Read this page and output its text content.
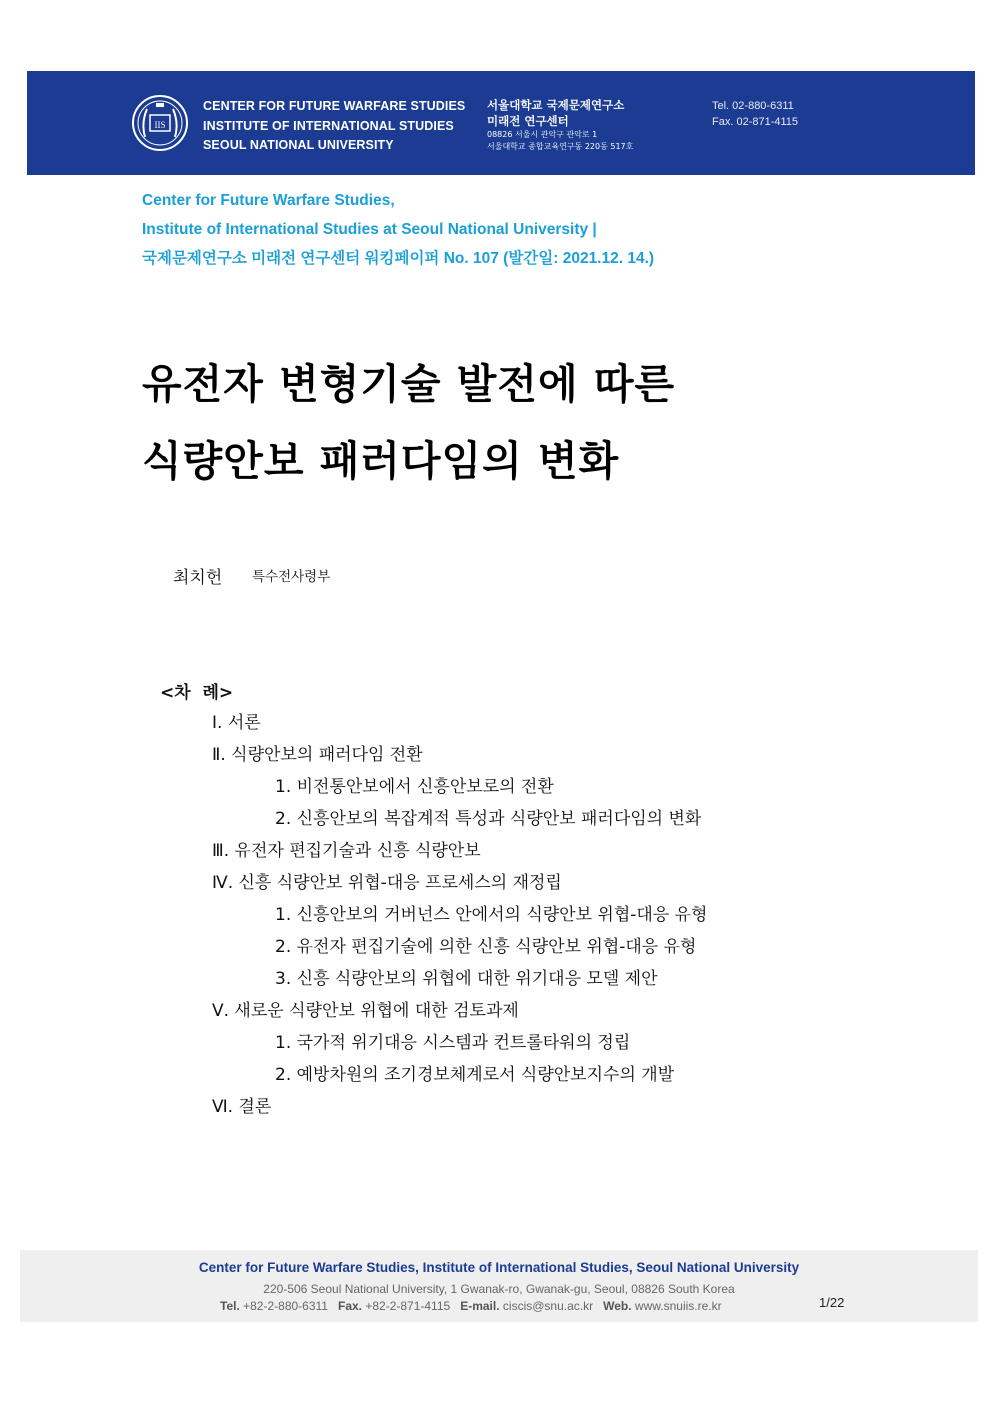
IIS
CENTER FOR FUTURE WARFARE STUDIES
INSTITUTE OF INTERNATIONAL STUDIES
SEOUL NATIONAL UNIVERSITY
서울대학교 국제문제연구소
미래전 연구센터
08826 서울시 관악구 관악로 1
서울대학교 종합교육연구동 220동 517호
Tel. 02-880-6311
Fax. 02-871-4115
Center for Future Warfare Studies,
Institute of International Studies at Seoul National University |
국제문제연구소 미래전 연구센터 워킹페이퍼 No. 107 (발간일: 2021.12. 14.)
유전자 변형기술 발전에 따른
식량안보 패러다임의 변화
최치헌 특수전사령부
<차  례>
Ⅰ. 서론
Ⅱ. 식량안보의 패러다임 전환
1. 비전통안보에서 신흥안보로의 전환
2. 신흥안보의 복잡계적 특성과 식량안보 패러다임의 변화
Ⅲ. 유전자 편집기술과 신흥 식량안보
Ⅳ. 신흥 식량안보 위협-대응 프로세스의 재정립
1. 신흥안보의 거버넌스 안에서의 식량안보 위협-대응 유형
2. 유전자 편집기술에 의한 신흥 식량안보 위협-대응 유형
3. 신흥 식량안보의 위협에 대한 위기대응 모델 제안
Ⅴ. 새로운 식량안보 위협에 대한 검토과제
1. 국가적 위기대응 시스템과 컨트롤타워의 정립
2. 예방차원의 조기경보체계로서 식량안보지수의 개발
Ⅵ. 결론
Center for Future Warfare Studies, Institute of International Studies, Seoul National University
220-506 Seoul National University, 1 Gwanak-ro, Gwanak-gu, Seoul, 08826 South Korea
Tel. +82-2-880-6311 Fax. +82-2-871-4115 E-mail. ciscis@snu.ac.kr Web. www.snuiis.re.kr	1/22
